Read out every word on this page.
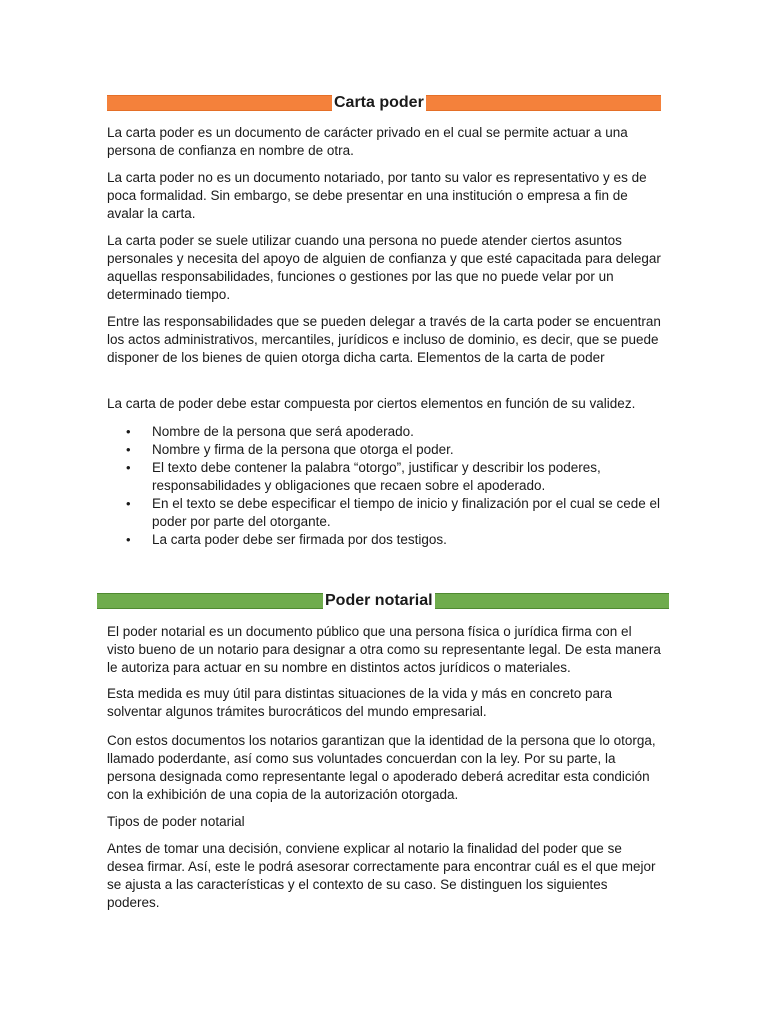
Carta poder

La carta poder es un documento de carácter privado en el cual se permite actuar a una persona de confianza en nombre de otra.

La carta poder no es un documento notariado, por tanto su valor es representativo y es de poca formalidad. Sin embargo, se debe presentar en una institución o empresa a fin de avalar la carta.

La carta poder se suele utilizar cuando una persona no puede atender ciertos asuntos personales y necesita del apoyo de alguien de confianza y que esté capacitada para delegar aquellas responsabilidades, funciones o gestiones por las que no puede velar por un determinado tiempo.

Entre las responsabilidades que se pueden delegar a través de la carta poder se encuentran los actos administrativos, mercantiles, jurídicos e incluso de dominio, es decir, que se puede disponer de los bienes de quien otorga dicha carta. Elementos de la carta de poder

La carta de poder debe estar compuesta por ciertos elementos en función de su validez.

• Nombre de la persona que será apoderado.
• Nombre y firma de la persona que otorga el poder.
• El texto debe contener la palabra “otorgo”, justificar y describir los poderes, responsabilidades y obligaciones que recaen sobre el apoderado.
• En el texto se debe especificar el tiempo de inicio y finalización por el cual se cede el poder por parte del otorgante.
• La carta poder debe ser firmada por dos testigos.
Poder notarial

El poder notarial es un documento público que una persona física o jurídica firma con el visto bueno de un notario para designar a otra como su representante legal. De esta manera le autoriza para actuar en su nombre en distintos actos jurídicos o materiales.

Esta medida es muy útil para distintas situaciones de la vida y más en concreto para solventar algunos trámites burocráticos del mundo empresarial.

Con estos documentos los notarios garantizan que la identidad de la persona que lo otorga, llamado poderdante, así como sus voluntades concuerdan con la ley. Por su parte, la persona designada como representante legal o apoderado deberá acreditar esta condición con la exhibición de una copia de la autorización otorgada.

Tipos de poder notarial

Antes de tomar una decisión, conviene explicar al notario la finalidad del poder que se desea firmar. Así, este le podrá asesorar correctamente para encontrar cuál es el que mejor se ajusta a las características y el contexto de su caso. Se distinguen los siguientes poderes.
